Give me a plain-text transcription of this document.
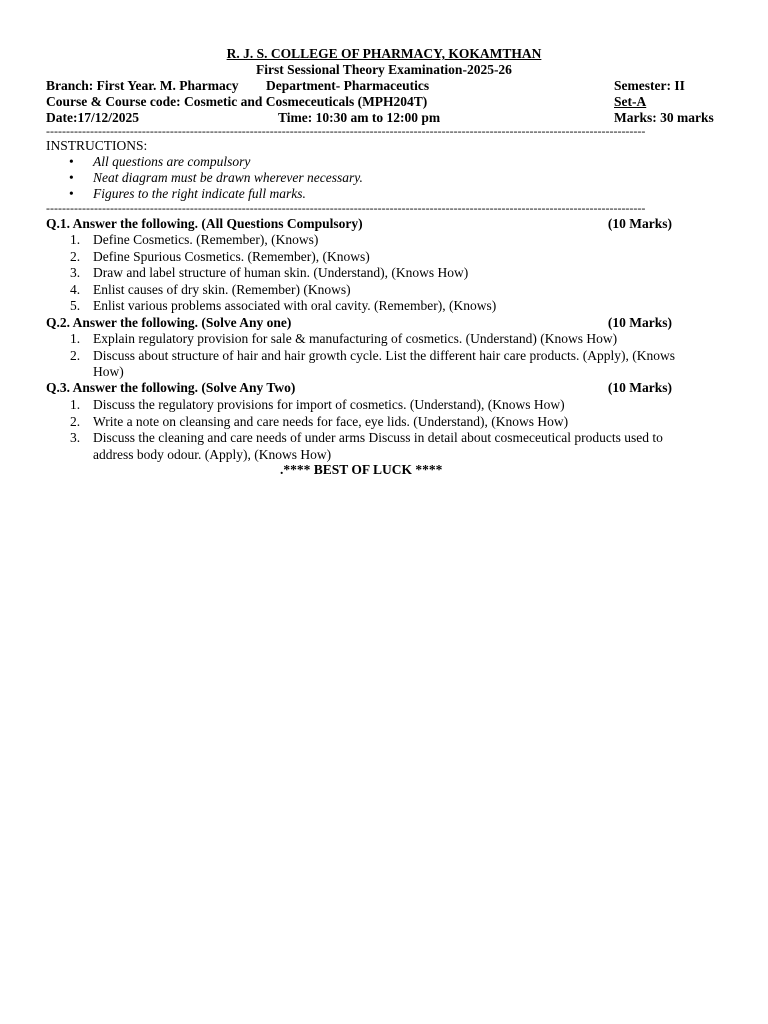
R. J. S. COLLEGE OF PHARMACY, KOKAMTHAN
First Sessional Theory Examination-2025-26
Branch: First Year. M. Pharmacy Department- Pharmaceutics	Semester: II
Course & Course code: Cosmetic and Cosmeceuticals (MPH204T)	Set-A
Date:17/12/2025	Time: 10:30 am to 12:00 pm	Marks: 30 marks
------------------------------------------------------------------------------------------------------------------------------------------------------
INSTRUCTIONS:
• All questions are compulsory
• Neat diagram must be drawn wherever necessary.
• Figures to the right indicate full marks.
------------------------------------------------------------------------------------------------------------------------------------------------------
Q.1. Answer the following. (All Questions Compulsory)	(10 Marks)
1. Define Cosmetics. (Remember), (Knows)
2. Define Spurious Cosmetics. (Remember), (Knows)
3. Draw and label structure of human skin. (Understand), (Knows How)
4. Enlist causes of dry skin. (Remember) (Knows)
5. Enlist various problems associated with oral cavity. (Remember), (Knows)
Q.2. Answer the following. (Solve Any one)	(10 Marks)
1. Explain regulatory provision for sale & manufacturing of cosmetics. (Understand) (Knows How)
2. Discuss about structure of hair and hair growth cycle. List the different hair care products. (Apply), (Knows How)
Q.3. Answer the following. (Solve Any Two)	(10 Marks)
1. Discuss the regulatory provisions for import of cosmetics. (Understand), (Knows How)
2. Write a note on cleansing and care needs for face, eye lids. (Understand), (Knows How)
3. Discuss the cleaning and care needs of under arms Discuss in detail about cosmeceutical products used to address body odour. (Apply), (Knows How)
.**** BEST OF LUCK ****
